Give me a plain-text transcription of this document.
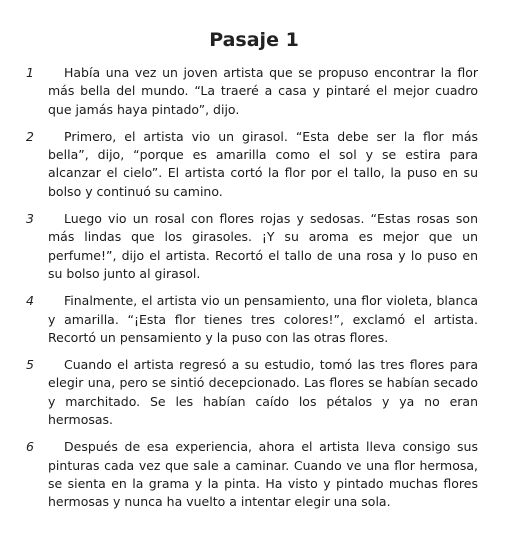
Pasaje 1
1	Había una vez un joven artista que se propuso encontrar la flor más bella del mundo. “La traeré a casa y pintaré el mejor cuadro que jamás haya pintado”, dijo.

2	Primero, el artista vio un girasol. “Esta debe ser la flor más bella”, dijo, “porque es amarilla como el sol y se estira para alcanzar el cielo”. El artista cortó la flor por el tallo, la puso en su bolso y continuó su camino.

3	Luego vio un rosal con flores rojas y sedosas. “Estas rosas son más lindas que los girasoles. ¡Y su aroma es mejor que un perfume!”, dijo el artista. Recortó el tallo de una rosa y lo puso en su bolso junto al girasol.

4	Finalmente, el artista vio un pensamiento, una flor violeta, blanca y amarilla. “¡Esta flor tienes tres colores!”, exclamó el artista. Recortó un pensamiento y la puso con las otras flores.

5	Cuando el artista regresó a su estudio, tomó las tres flores para elegir una, pero se sintió decepcionado. Las flores se habían secado y marchitado. Se les habían caído los pétalos y ya no eran hermosas.

6	Después de esa experiencia, ahora el artista lleva consigo sus pinturas cada vez que sale a caminar. Cuando ve una flor hermosa, se sienta en la grama y la pinta. Ha visto y pintado muchas flores hermosas y nunca ha vuelto a intentar elegir una sola.
